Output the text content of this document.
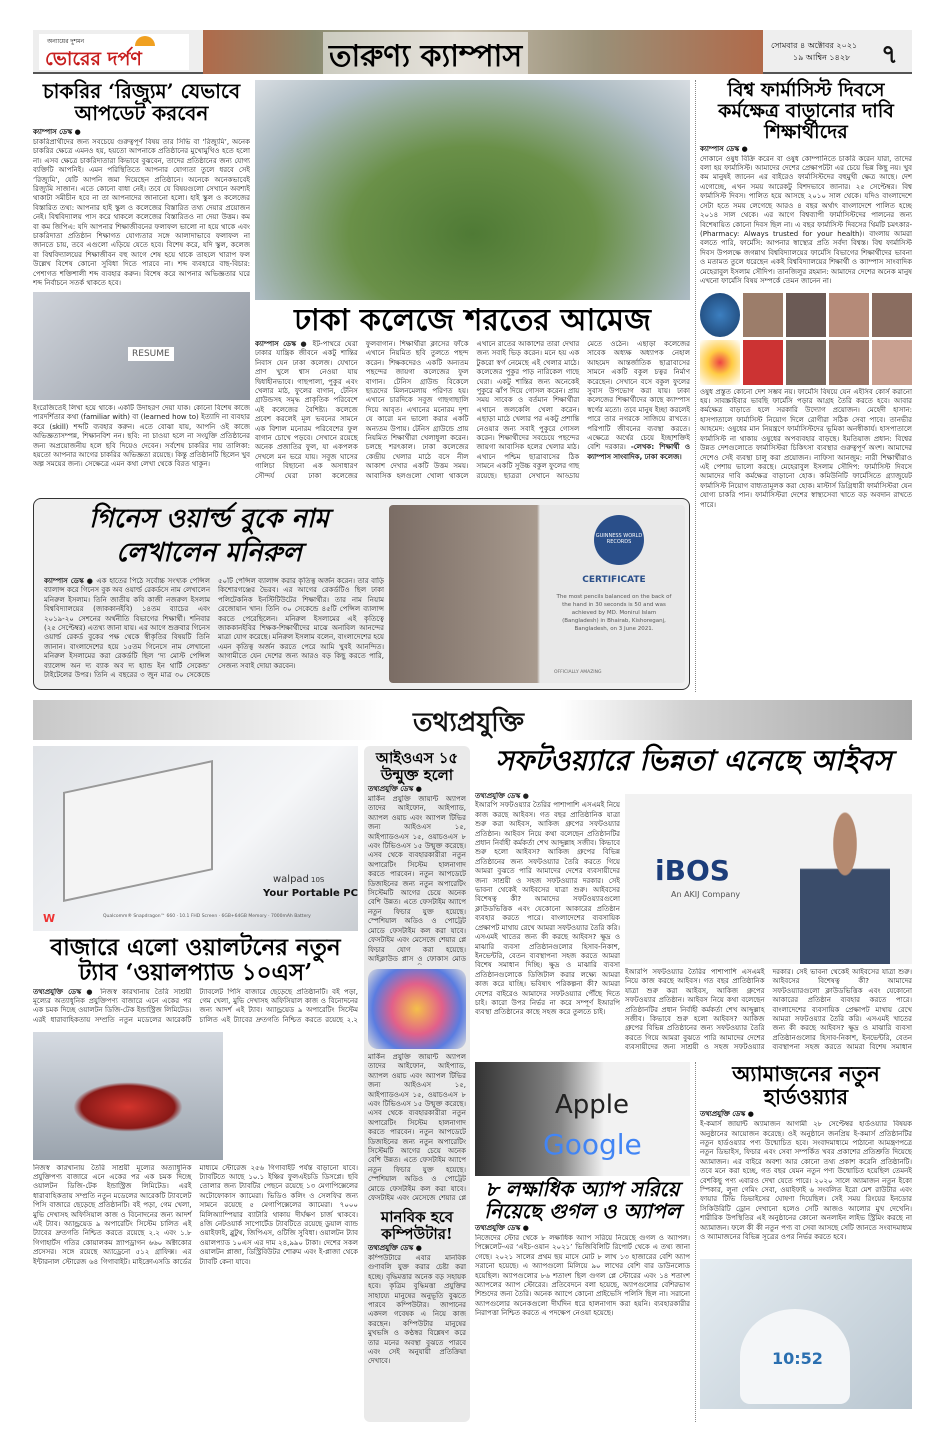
অন্যায়ের দুশমন
ভোরের দর্পণ	তারুণ্য ক্যাম্পাস	সোমবার ৪ অক্টোবর ২০২১
১৯ আশ্বিন ১৪২৮ ৭
চাকরির ‘রিজ্যুম’ যেভাবে আপডেট করবেন
ক্যাম্পাস ডেস্ক ●
চাকরিপ্রার্থীদের জন্য সবচেয়ে গুরুত্বপূর্ণ বিষয় তার সিভি বা ‘রিজ্যুমি’, অনেক চাকরির ক্ষেত্রে এমনও হয়, হয়তো আপনাকে প্রতিষ্ঠানের মুখোমুখিও হতে হলো না। এসব ক্ষেত্রে চাকরিদাতারা কিভাবে বুঝবেন, তাদের প্রতিষ্ঠানের জন্য যোগ্য ব্যক্তিটি আপনিই। এমন পরিস্থিতিতে আপনার যোগ্যতা তুলে ধরবে সেই ‘রিজ্যুমি’, যেটি আপনি জমা দিয়েছেন প্রতিষ্ঠানে। অনেকে অনেকভাবেই রিজ্যুমি সাজান। এতে কোনো বাধা নেই। তবে যে বিষয়গুলো সেখানে অবশ্যই থাকাটা সমীচীন হবে না তা আপনাদের জানানো হলো। হাই স্কুল ও কলেজের বিস্তারিত তথ্য: আপনার হাই স্কুল ও কলেজের বিস্তারিত তথ্য দেয়ার প্রয়োজন নেই। বিশ্ববিদ্যালয় পাস করে থাকলে কলেজের বিস্তারিতও না দেয়া উত্তম। কম বা কম জিপিএ: যদি আপনার শিক্ষাজীবনের ফলাফল ভালো না হয়ে থাকে এবং চাকরিদাতা প্রতিষ্ঠান শিক্ষাগত যোগ্যতার সঙ্গে আলাদাভাবে ফলাফল না জানতে চায়, তবে এগুলো এড়িয়ে যেতে হবে। বিশেষ করে, যদি স্কুল, কলেজ বা বিশ্ববিদ্যালয়ের শিক্ষাজীবন বহু আগে শেষ হয়ে থাকে তাহলে খারাপ ফল উল্লেখ বিশেষ কোনো সুবিধা দিতে পারবে না। শব্দ ব্যবহারে বাছ-বিচার: পেশাগত শক্তিশালী শব্দ ব্যবহার করুন। বিশেষ করে আপনার অভিজ্ঞতার ঘরে শব্দ নির্বাচনে সতর্ক থাকতে হবে।
RESUME
ইংরেজিতেই লিখা হয়ে থাকে। একটি উদাহরণ দেয়া যাক। কোনো বিশেষ কাজে পারদর্শিতার কথা (familiar with) বা (learned how to) ইত্যাদি না ব্যবহার করে (skill) শব্দটি ব্যবহার করুন। এতে বোঝা যায়, আপনি ওই কাজে অভিজ্ঞতাসম্পন্ন, শিক্ষানবিশ নন। ছবি: না চাওয়া হলে না সংযুক্তি প্রতিষ্ঠানের জন্য অপ্রয়োজনীয় হলে ছবি দিয়েও দেবেন। সর্বশেষ চাকরির দায় তালিকা: হয়তো আপনার আগের চাকরির অভিজ্ঞতা রয়েছে। কিন্তু প্রতিষ্ঠানটি ছিলেন খুব অল্প সময়ের জন্য। সেক্ষেত্রে এমন কথা লেখা থেকে বিরত থাকুন।
ঢাকা কলেজে শরতের আমেজ
ক্যাম্পাস ডেস্ক ● ইট-পাথরে ঘেরা ঢাকার যান্ত্রিক জীবনে একটু শান্তির নিবাস যেন ঢাকা কলেজ। যেখানে প্রাণ খুলে শ্বাস নেওয়া যায় দ্বিধাহীনভাবে। গাছপালা, পুকুর এবং খেলার মাঠ, ফুলের বাগান, টেনিস গ্রাউন্ডসহ সমৃদ্ধ প্রাকৃতিক পরিবেশে এই কলেজের বৈশিষ্ট্য। কলেজে প্রবেশ করলেই মূল ভবনের সামনে এক বিশাল মনোরম পরিবেশের ফুল বাগান চোখে পড়বে। সেখানে রয়েছে অনেক প্রজাতির ফুল, যা একপলক দেখলে মন ভরে যায়। সবুজ ঘাসের গালিচা বিছানো এক অসাধারণ সৌন্দর্য ঘেরা ঢাকা কলেজের ফুলবাগান। শিক্ষার্থীরা ক্লাসের ফাঁকে এখানে নিয়মিত ছবি তুলতে পছন্দ করেন। শিক্ষকদেরও একটি অন্যতম পছন্দের জায়গা কলেজের ফুল বাগান। টেনিস গ্রাউন্ড বিকেলে ছাত্রদের মিলনমেলায় পরিণত হয়। এখানে চারদিকে সবুজ গাছগাছালি দিয়ে আবৃত। এখানের মনোরম দৃশ্য যে কারো মন ভালো করার একটি অন্যতম উপায়। টেনিস গ্রাউন্ডে প্রায় নিয়মিত শিক্ষার্থীরা খেলাধুলা করেন। চলছে শরৎকাল। ঢাকা কলেজের কেন্দ্রীয় খেলার মাঠে বসে নীল আকাশ দেখার একটি উত্তম সময়। আবাসিক হলগুলো খোলা থাকলে এখানে রাতের আকাশের তারা দেখার জন্য সবাই ভিড় করেন। মনে হয় এক টুকরো স্বর্গ নেমেছে এই খেলার মাঠে। কলেজের পুকুর পাড় নারিকেল গাছে ঘেরা। একটু শান্তির জন্য অনেকেই পুকুরে ঝাঁপ দিয়ে গোসল করেন। প্রায় সময় সাবেক ও বর্তমান শিক্ষার্থীরা এখানে জলকেলি খেলা করেন। এছাড়া মাঠে খেলার পর একটু প্রশান্তি নেওয়ার জন্য সবাই পুকুরে গোসল করেন। শিক্ষার্থীদের সবচেয়ে পছন্দের জায়গা আবাসিক হলের খেলার মাঠ। এখানে পশ্চিম ছাত্রাবাসের ঠিক সামনে একটি সুউচ্চ বকুল ফুলের গাছ রয়েছে। ছাত্ররা সেখানে আড্ডায় মেতে ওঠেন। এছাড়া কলেজের সাবেক অধ্যক্ষ অধ্যাপক নেহাল আহমেদ আন্তর্জাতিক ছাত্রাবাসের সামনে একটি বকুল চত্বর নির্মাণ করেছেন। সেখানে বসে বকুল ফুলের সুবাস উপভোগ করা যায়। ঢাকা কলেজের শিক্ষার্থীদের কাছে ক্যাম্পাস স্বর্গের মতো। তবে মানুষ ইচ্ছা করলেই পারে তার নগরকে সাজিয়ে রাখতে। পরিপাটি জীবনের ব্যবস্থা করতে। এক্ষেত্রে অর্থের চেয়ে ইচ্ছাশক্তিই বেশি দরকার। -লেখক: শিক্ষার্থী ও ক্যাম্পাস সাংবাদিক, ঢাকা কলেজ।
বিশ্ব ফার্মাসিস্ট দিবসে কর্মক্ষেত্র বাড়ানোর দাবি শিক্ষার্থীদের
ক্যাম্পাস ডেস্ক ●
দোকানে ওষুধ বিক্রি করেন বা ওষুধ কোম্পানিতে চাকরি করেন যারা, তাদের বলা হয় ফার্মাসিস্ট। আমাদের দেশের প্রেক্ষাপটটা এর চেয়ে ভিন্ন কিছু নয়। খুব কম মানুষই জানেন এর বাইরেও ফার্মাসিস্টদের বহুমুখী ক্ষেত্র আছে। দেশ এগোচ্ছে, এখন সময় আরেকটু বিশদভাবে জানার। ২৫ সেপ্টেম্বর। বিশ্ব ফার্মাসিস্ট দিবস। পালিত হয়ে আসছে ২০১০ সাল থেকে। যদিও বাংলাদেশে সেটা হতে সময় লেগেছে আরও ৪ বছর অর্থাৎ বাংলাদেশে পালিত হচ্ছে ২০১৪ সাল থেকে। এর আগে বিশ্বব্যাপী ফার্মাসিস্টদের পালনের জন্য বিশেষায়িত কোনো দিবস ছিল না। এ বছর ফার্মাসিস্ট দিবসের থিমটি চমৎকার- (Pharmacy: Always trusted for your health)। বাংলায় আমরা বলতে পারি, ফার্মেসি: আপনার স্বাস্থ্যের প্রতি সর্বদা বিশ্বস্ত। বিশ্ব ফার্মাসিস্ট দিবস উপলক্ষে জগন্নাথ বিশ্ববিদ্যালয়ের ফার্মেসি বিভাগের শিক্ষার্থীদের ভাবনা ও মতামত তুলে ধরেছেন একই বিশ্ববিদ্যালয়ের শিক্ষার্থী ও ক্যাম্পাস সাংবাদিক মেহেরাবুল ইসলাম সৌদিপ। তানজিলুর রহমান: আমাদের দেশের অনেক মানুষ এখনো ফার্মেসি বিষয় সম্পর্কে তেমন জানেন না।
ওষুধ প্রস্তুত কোনো দেশ সম্ভব নয়। ফার্মেসি বিষয়ে যেন এইসিব কোর্স করানো হয়। সাবস্ক্রাইবার ভাবছি ফার্মেসি পড়ার আগ্রহ তৈরি করতে হবে। আবার কর্মক্ষেত্র বাড়াতে হলে সরকারি উদ্যোগ প্রয়োজন। মেহেদী হাসান: হাসপাতালে ফার্মাসিস্ট নিয়োগ দিলে রোগীরা সঠিক সেবা পাবে। তানভীর আহমেদ: ওষুধের মান নিয়ন্ত্রণে ফার্মাসিস্টদের ভূমিকা অনস্বীকার্য। হাসপাতালে ফার্মাসিস্ট না থাকায় ওষুধের অপব্যবহার বাড়ছে। ইমতিয়াজ প্রধান: বিশ্বের উন্নত দেশগুলোতে ফার্মাসিস্টরা চিকিৎসা ব্যবস্থার গুরুত্বপূর্ণ অংশ। আমাদের দেশেও সেই ব্যবস্থা চালু করা প্রয়োজন। নাফিসা আনজুম: নারী শিক্ষার্থীরাও এই পেশায় ভালো করছে। মেহেরাবুল ইসলাম সৌদিপ: ফার্মাসিস্ট দিবসে আমাদের দাবি কর্মক্ষেত্র বাড়ানো হোক। কমিউনিটি ফার্মেসিতে গ্র্যাজুয়েট ফার্মাসিস্ট নিয়োগ বাধ্যতামূলক করা হোক। মাস্টার্স ডিগ্রিধারী ফার্মাসিস্টরা যেন যোগ্য চাকরি পান। ফার্মাসিস্টরা দেশের স্বাস্থ্যসেবা খাতে বড় অবদান রাখতে পারে।
গিনেস ওয়ার্ল্ড বুকে নাম
লেখালেন মনিরুল
ক্যাম্পাস ডেস্ক ● এক হাতের পিঠে সর্বোচ্চ সংখ্যক পেন্সিল ব্যালান্স করে গিনেস বুক অব ওয়ার্ল্ড রেকর্ডসে নাম লেখালেন মনিরুল ইসলাম। তিনি জাতীয় কবি কাজী নজরুল ইসলাম বিশ্ববিদ্যালয়ের (জাককানইবি) ১৪তম ব্যাচের এবং ২০১৯-২০ সেশনের অর্থনীতি বিভাগের শিক্ষার্থী। শনিবার (২৫ সেপ্টেম্বর) এতথ্য জানা যায়। এর আগে শুক্রবার গিনেস ওয়ার্ল্ড রেকর্ড বুকের পক্ষ থেকে স্বীকৃতির বিষয়টি তিনি জানান। বাংলাদেশের হয়ে ১৫তম গিনেসে নাম লেখানো মনিরুল ইসলামের করা রেকর্ডটি ছিল ‘দ্য মোস্ট পেন্সিল ব্যালেন্স অন দ্য ব্যাক অব দ্য হ্যান্ড ইন থার্টি সেকেন্ড’ টাইটেলের উপর। তিনি এ বছরের ৩ জুন মাত্র ৩০ সেকেন্ডে ৫০টি পেন্সিল ব্যালান্স করার কৃতিত্ব অর্জন করেন। তার বাড়ি কিশোরগঞ্জের ভৈরব। এর আগের রেকর্ডটিও ছিল ঢাকা পলিটেকনিক ইনস্টিটিউটের শিক্ষার্থীর। তার নাম নিয়াম রেজোয়ান খান। তিনি ৩০ সেকেন্ডে ৪৫টি পেন্সিল ব্যালান্স করতে পেরেছিলেন। মনিরুল ইসলামের এই কৃতিত্বে জাককানইবির শিক্ষক-শিক্ষার্থীদের মাঝে অনাবিল আনন্দের মাত্রা যোগ করেছে। মনিরুল ইসলাম বলেন, বাংলাদেশের হয়ে এমন কৃতিত্ব অর্জন করতে পেরে আমি খুবই আনন্দিত। আগামীতে যেন দেশের জন্য আরও বড় কিছু করতে পারি, সেজন্য সবাই দোয়া করবেন।
GUINNESS WORLD RECORDS
CERTIFICATE
The most pencils balanced on the back of the hand in 30 seconds is 50 and was achieved by MD. Monirul Islam (Bangladesh) in Bhairab, Kishoreganj, Bangladesh, on 3 June 2021.
OFFICIALLY AMAZING
তথ্যপ্রযুক্তি
walpad 10S
Your Portable PC
Qualcomm® Snapdragon™ 660 · 10.1 FHD Screen · 6GB+64GB Memory · 7000mAh Battery
W
বাজারে এলো ওয়ালটনের নতুন ট্যাব ‘ওয়ালপ্যাড ১০এস’
তথ্যপ্রযুক্তি ডেস্ক ● নিজস্ব কারখানায় তৈরি সাশ্রয়ী মূল্যের অত্যাধুনিক প্রযুক্তিপণ্য বাজারে এনে একের পর এক চমক দিচ্ছে ওয়ালটন ডিজি-টেক ইন্ডাস্ট্রিজ লিমিটেড। এরই ধারাবাহিকতায় সম্প্রতি নতুন মডেলের আরেকটি ট্যাবলেট পিসি বাজারে ছেড়েছে প্রতিষ্ঠানটি। বই পড়া, গেম খেলা, মুভি দেখাসহ অফিসিয়াল কাজ ও বিনোদনের জন্য আদর্শ এই ট্যাব। অ্যান্ড্রয়েড ৯ অপারেটিং সিস্টেম চালিত এই ট্যাবের দ্রুতগতি নিশ্চিত করতে রয়েছে ২.২
নিজস্ব কারখানায় তৈরি সাশ্রয়ী মূল্যের অত্যাধুনিক প্রযুক্তিপণ্য বাজারে এনে একের পর এক চমক দিচ্ছে ওয়ালটন ডিজি-টেক ইন্ডাস্ট্রিজ লিমিটেড। এরই ধারাবাহিকতায় সম্প্রতি নতুন মডেলের আরেকটি ট্যাবলেট পিসি বাজারে ছেড়েছে প্রতিষ্ঠানটি। বই পড়া, গেম খেলা, মুভি দেখাসহ অফিসিয়াল কাজ ও বিনোদনের জন্য আদর্শ এই ট্যাব। অ্যান্ড্রয়েড ৯ অপারেটিং সিস্টেম চালিত এই ট্যাবের দ্রুতগতি নিশ্চিত করতে রয়েছে ২.২ এবং ১.৮ গিগাহার্টস গতির কোয়ালকম স্ন্যাপড্রাগন ৬৬০ অক্টাকোর প্রসেসর। সঙ্গে রয়েছে অ্যাড্রেনো ৫১২ গ্রাফিক্স। এর ইন্টারনাল স্টোরেজ ৬৪ গিগাবাইট। মাইক্রোএসডি কার্ডের মাধ্যমে স্টোরেজ ২৫৬ গিগাবাইট পর্যন্ত বাড়ানো যাবে। ট্যাবটিতে আছে ১০.১ ইঞ্চির ফুলএইচডি ডিসপ্লে। ছবি তোলার জন্য ট্যাবটির পেছনে রয়েছে ১৩ মেগাপিক্সেলের অটোফোকাস ক্যামেরা। ভিডিও কলিং ও সেলফির জন্য সামনে রয়েছে ৫ মেগাপিক্সেলের ক্যামেরা। ৭০০০ মিলিঅ্যাম্পিয়ার ব্যাটারি থাকায় দীর্ঘক্ষণ চার্জ থাকবে। ৪জি নেটওয়ার্ক সাপোর্টেড ট্যাবটিতে রয়েছে ডুয়াল ব্যান্ড ওয়াইফাই, ব্লুটুথ, জিপিএস, ওটিজি সুবিধা। ওয়ালটন ট্যাব ওয়ালপ্যাড ১০এস এর দাম ২৪,৯৯০ টাকা। দেশের সকল ওয়ালটন প্লাজা, ডিস্ট্রিবিউটর শোরুম এবং ই-প্লাজা থেকে ট্যাবটি কেনা যাবে।
আইওএস ১৫ উন্মুক্ত হলো
তথ্যপ্রযুক্তি ডেস্ক ●
মার্কিন প্রযুক্তি জায়ান্ট অ্যাপল তাদের আইফোন, আইপ্যাড, অ্যাপল ওয়াচ এবং অ্যাপল টিভির জন্য আইওএস ১৫, আইপ্যাডওএস ১৫, ওয়াচওএস ৮ এবং টিভিওএস ১৫ উন্মুক্ত করেছে। এসব থেকে ব্যবহারকারীরা নতুন অপারেটিং সিস্টেম হালনাগাদ করতে পারবেন। নতুন আপডেটে ডিজাইনের জন্য নতুন অপারেটিং সিস্টেমটি আগের চেয়ে অনেক বেশি উন্নত। এতে ফেসটাইম অ্যাপে নতুন ফিচার যুক্ত হয়েছে। স্পেশিয়াল অডিও ও পোট্রেট মোডে ফেসটাইম কল করা যাবে। ফেসটাইম এবং মেসেজে শেয়ার প্লে ফিচার যোগ করা হয়েছে। আইক্লাউড প্লাস ও ফোকাস মোড
মার্কিন প্রযুক্তি জায়ান্ট অ্যাপল তাদের আইফোন, আইপ্যাড, অ্যাপল ওয়াচ এবং অ্যাপল টিভির জন্য আইওএস ১৫, আইপ্যাডওএস ১৫, ওয়াচওএস ৮ এবং টিভিওএস ১৫ উন্মুক্ত করেছে। এসব থেকে ব্যবহারকারীরা নতুন অপারেটিং সিস্টেম হালনাগাদ করতে পারবেন। নতুন আপডেটে ডিজাইনের জন্য নতুন অপারেটিং সিস্টেমটি আগের চেয়ে অনেক বেশি উন্নত। এতে ফেসটাইম অ্যাপে নতুন ফিচার যুক্ত হয়েছে। স্পেশিয়াল অডিও ও পোট্রেট মোডে ফেসটাইম কল করা যাবে। ফেসটাইম এবং মেসেজে শেয়ার প্লে
মানবিক হবে কম্পিউটার!
তথ্যপ্রযুক্তি ডেস্ক ●
কম্পিউটারে এবার মানবিক গুণাবলি যুক্ত করার চেষ্টা করা হচ্ছে। বৃদ্ধিমত্তার অনেক বড় সহায়ক হবে। কৃত্রিম বুদ্ধিমত্তা প্রযুক্তির সাহায্যে মানুষের অনুভূতি বুঝতে পারবে কম্পিউটার। জাপানের একদল গবেষক এ নিয়ে কাজ করছেন। কম্পিউটার মানুষের মুখভঙ্গি ও কণ্ঠস্বর বিশ্লেষণ করে তার মনের অবস্থা বুঝতে পারবে এবং সেই অনুযায়ী প্রতিক্রিয়া দেখাবে।
সফটওয়্যারে ভিন্নতা এনেছে আইবস
তথ্যপ্রযুক্তি ডেস্ক ●
ইআরপি সফটওয়্যার তৈরির পাশাপাশি এসএমই নিয়ে কাজ করছে আইবস। গত বছর প্রাতিষ্ঠানিক যাত্রা শুরু করা আইবস, আকিজ গ্রুপের সফটওয়্যার প্রতিষ্ঠান। আইবস নিয়ে কথা বলেছেন প্রতিষ্ঠানটির প্রধান নির্বাহী কর্মকর্তা শেখ আব্দুল্লাহ সজীব। কিভাবে শুরু হলো আইবস? আকিজ গ্রুপের বিভিন্ন প্রতিষ্ঠানের জন্য সফটওয়্যার তৈরি করতে গিয়ে আমরা বুঝতে পারি আমাদের দেশের ব্যবসায়ীদের জন্য সাশ্রয়ী ও সহজ সফটওয়্যার দরকার। সেই ভাবনা থেকেই আইবসের যাত্রা শুরু। আইবসের বিশেষত্ব কী? আমাদের সফটওয়্যারগুলো ক্লাউডভিত্তিক এবং যেকোনো আকারের প্রতিষ্ঠান ব্যবহার করতে পারে। বাংলাদেশের ব্যবসায়িক প্রেক্ষাপট মাথায় রেখে আমরা সফটওয়্যার তৈরি করি। এসএমই খাতের জন্য কী করছে আইবস? ক্ষুদ্র ও মাঝারি ব্যবসা প্রতিষ্ঠানগুলোর হিসাব-নিকাশ, ইনভেন্টরি, বেতন ব্যবস্থাপনা সহজ করতে আমরা বিশেষ সমাধান দিচ্ছি। ক্ষুদ্র ও মাঝারি ব্যবসা প্রতিষ্ঠানগুলোকে ডিজিটাল করার লক্ষ্যে আমরা কাজ করে যাচ্ছি। ভবিষ্যৎ পরিকল্পনা কী? আমরা দেশের বাইরেও আমাদের সফটওয়্যার পৌঁছে দিতে চাই। কারো উপর নির্ভর না করে সম্পূর্ণ ইআরপি ব্যবস্থা প্রতিষ্ঠানের কাছে সহজ করে তুলতে চাই।
iBOS
An AKIJ Company
ইআরপি সফটওয়্যার তৈরির পাশাপাশি এসএমই নিয়ে কাজ করছে আইবস। গত বছর প্রাতিষ্ঠানিক যাত্রা শুরু করা আইবস, আকিজ গ্রুপের সফটওয়্যার প্রতিষ্ঠান। আইবস নিয়ে কথা বলেছেন প্রতিষ্ঠানটির প্রধান নির্বাহী কর্মকর্তা শেখ আব্দুল্লাহ সজীব। কিভাবে শুরু হলো আইবস? আকিজ গ্রুপের বিভিন্ন প্রতিষ্ঠানের জন্য সফটওয়্যার তৈরি করতে গিয়ে আমরা বুঝতে পারি আমাদের দেশের ব্যবসায়ীদের জন্য সাশ্রয়ী ও সহজ সফটওয়্যার দরকার। সেই ভাবনা থেকেই আইবসের যাত্রা শুরু। আইবসের বিশেষত্ব কী? আমাদের সফটওয়্যারগুলো ক্লাউডভিত্তিক এবং যেকোনো আকারের প্রতিষ্ঠান ব্যবহার করতে পারে। বাংলাদেশের ব্যবসায়িক প্রেক্ষাপট মাথায় রেখে আমরা সফটওয়্যার তৈরি করি। এসএমই খাতের জন্য কী করছে আইবস? ক্ষুদ্র ও মাঝারি ব্যবসা প্রতিষ্ঠানগুলোর হিসাব-নিকাশ, ইনভেন্টরি, বেতন ব্যবস্থাপনা সহজ করতে আমরা বিশেষ সমাধান
Apple
Google
৮ লক্ষাধিক অ্যাপ সরিয়ে নিয়েছে গুগল ও অ্যাপল
তথ্যপ্রযুক্তি ডেস্ক ●
নিজেদের স্টোর থেকে ৮ লক্ষাধিক অ্যাপ সরিয়ে নিয়েছে গুগল ও অ্যাপল। পিক্সেলেট-এর ‘এইচ-ওয়ান ২০২১’ ভিজিবিলিটি রিপোর্ট থেকে এ তথ্য জানা গেছে। ২০২১ সালের প্রথম ছয় মাসে মোট ৮ লাখ ১৩ হাজারের বেশি অ্যাপ সরানো হয়েছে। এ অ্যাপগুলো মিলিয়ে ৯০ লাখের বেশি বার ডাউনলোড হয়েছিল। অ্যাপগুলোর ৮৬ শতাংশ ছিল গুগল প্লে স্টোরের এবং ১৪ শতাংশ অ্যাপলের অ্যাপ স্টোরের। প্রতিবেদনে বলা হয়েছে, অ্যাপগুলোর বেশিরভাগ শিশুদের জন্য তৈরি। অনেক অ্যাপে কোনো প্রাইভেসি পলিসি ছিল না। সরানো অ্যাপগুলোর অনেকগুলো দীর্ঘদিন ধরে হালনাগাদ করা হয়নি। ব্যবহারকারীর নিরাপত্তা নিশ্চিত করতে এ পদক্ষেপ নেওয়া হয়েছে।
অ্যামাজনের নতুন হার্ডওয়্যার
তথ্যপ্রযুক্তি ডেস্ক ●
ই-কমার্স জায়ান্ট অ্যামাজন আগামী ২৮ সেপ্টেম্বর হার্ডওয়্যার বিষয়ক অনুষ্ঠানের আয়োজন করেছে। ওই অনুষ্ঠানে জনপ্রিয় ই-কমার্স প্রতিষ্ঠানটির নতুন হার্ডওয়্যার পণ্য উন্মোচিত হবে। সংবাদমাধ্যমে পাঠানো আমন্ত্রণপত্রে নতুন ডিভাইস, ফিচার এবং সেবা সম্পর্কিত খবর প্রকাশের প্রতিশ্রুতি দিয়েছে অ্যামাজন। এর বাইরে অবশ্য আর কোনো তথ্য প্রকাশ করেনি প্রতিষ্ঠানটি। তবে মনে করা হচ্ছে, গত বছর যেমন নতুন পণ্য উন্মোচিত হয়েছিল তেমনই বেশকিছু পণ্য এবারও দেখা যেতে পারে। ২০২০ সালে অ্যামাজন নতুন ইকো স্পিকার, লুনা গেমিং সেবা, ওয়াইফাই ৬ সংবলিত ইরো মেশ রাউটার এবং ফায়ার টিভি ডিভাইসের ঘোষণা দিয়েছিল। সেই সময় রিংয়ের ইনডোর সিকিউরিটি ড্রোন দেখানো হলেও সেটি আজও আলোর মুখ দেখেনি। শারীরিক উপস্থিতির এই অনুষ্ঠানের কোনো অনলাইন লাইভ স্ট্রিমিং করছে না অ্যামাজন। ফলে কী কী নতুন পণ্য বা সেবা আসছে সেটি জানতে সংবাদমাধ্যম ও অ্যামাজনের বিভিন্ন সূত্রের ওপর নির্ভর করতে হবে।
10:52
